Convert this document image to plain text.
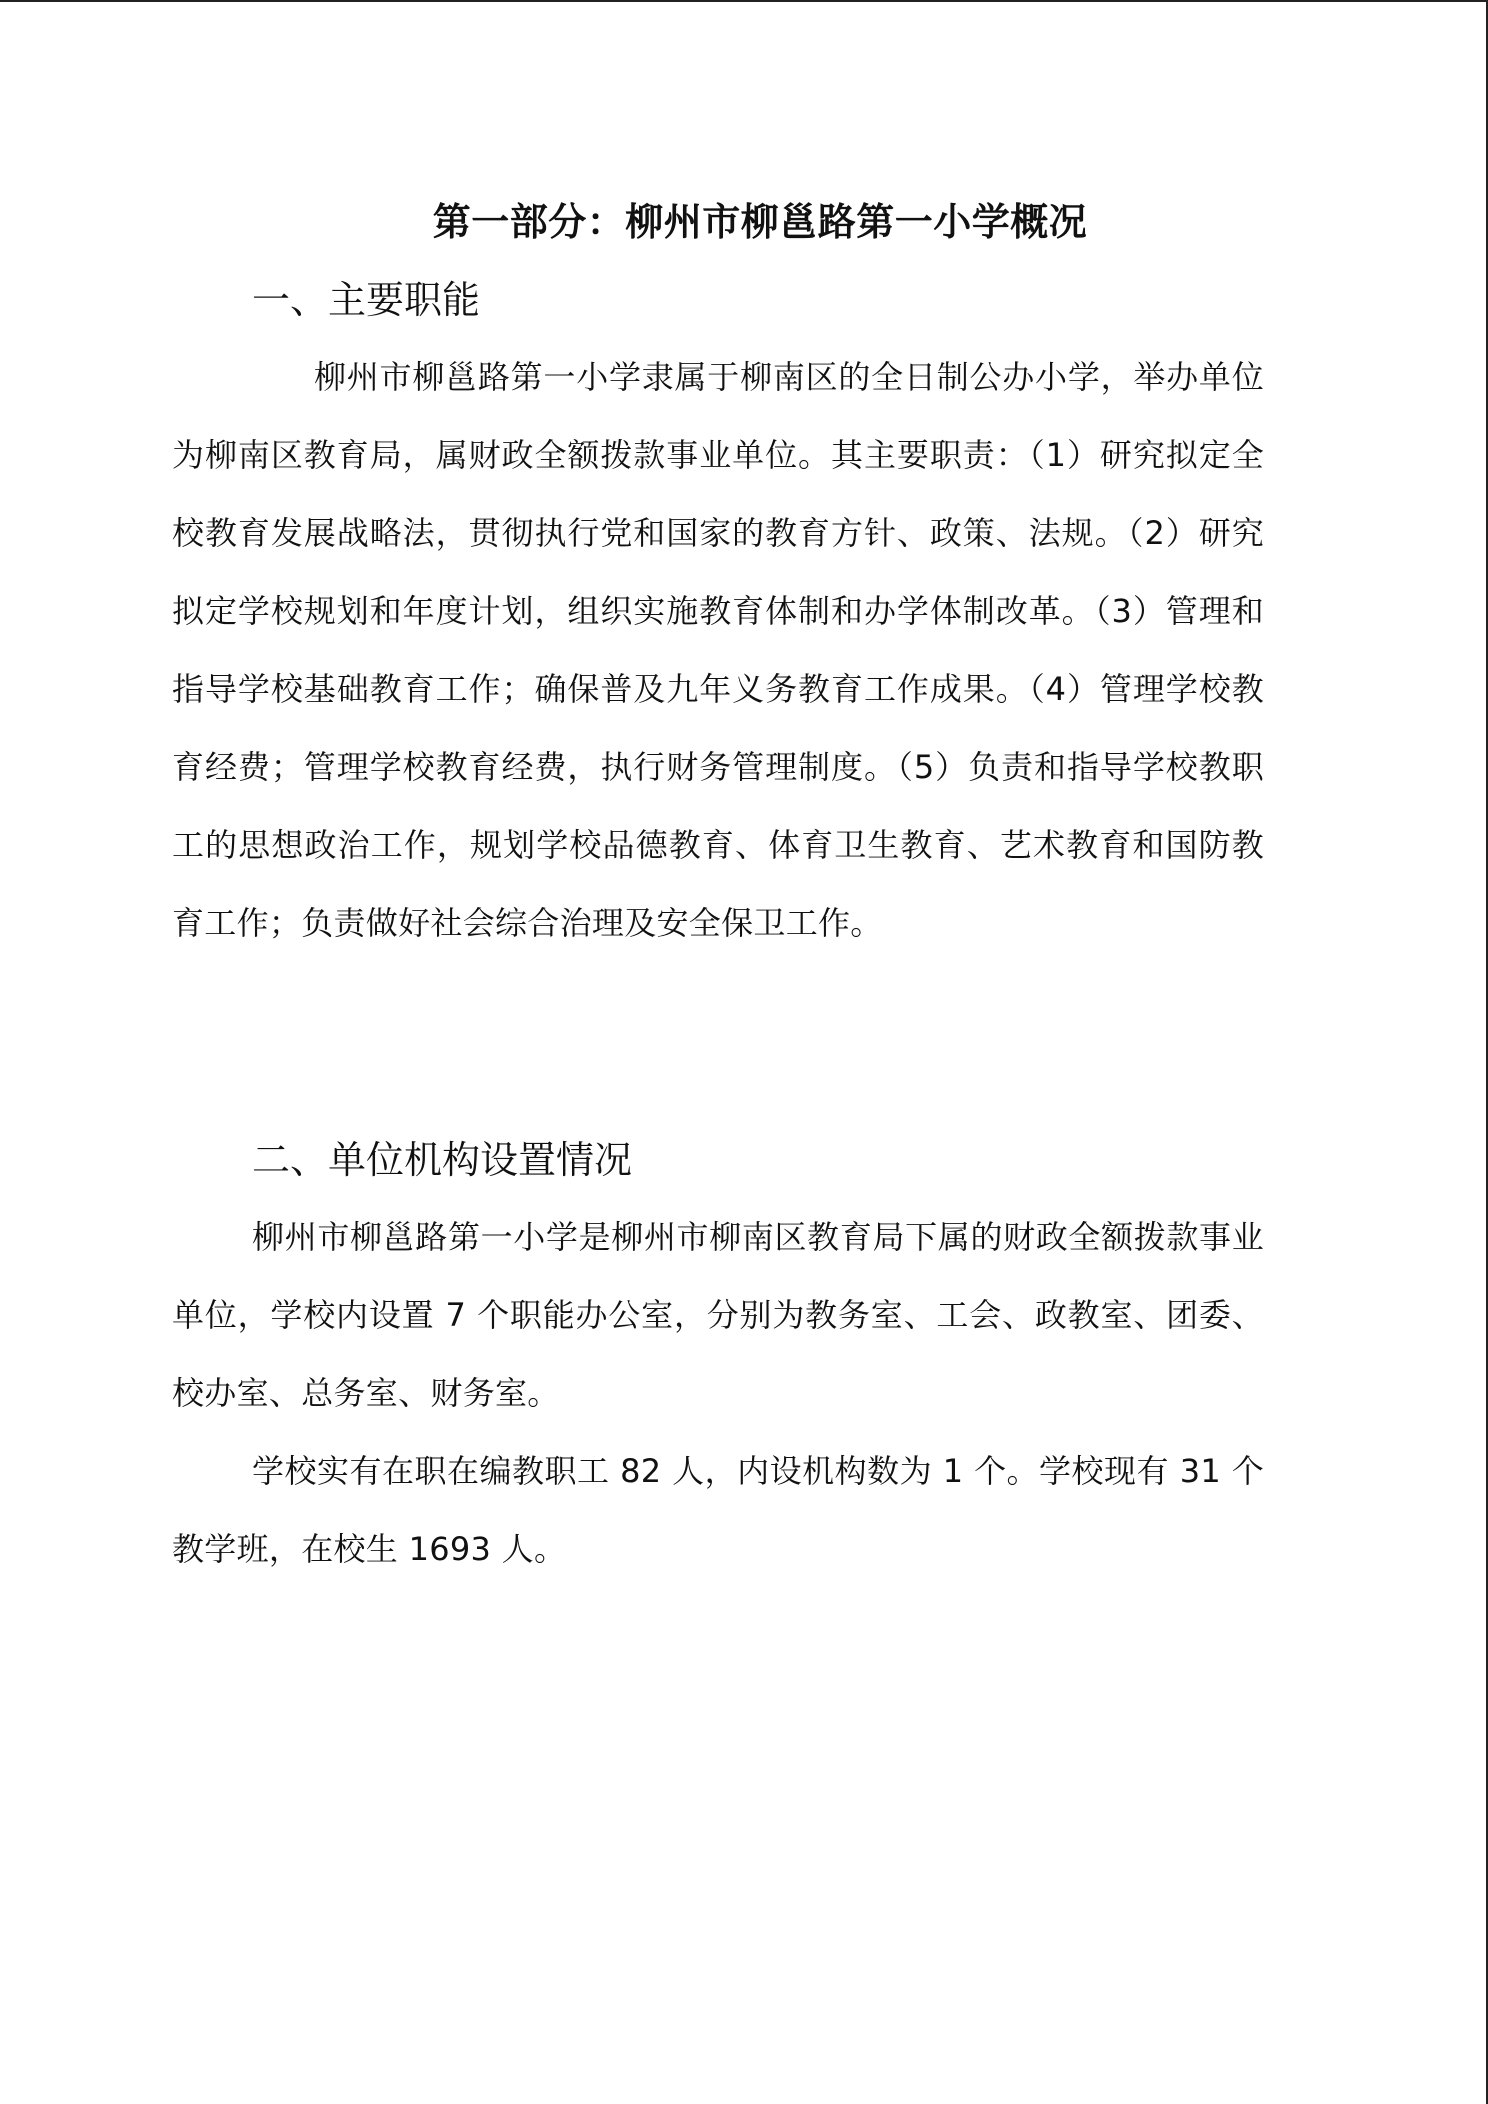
第一部分：柳州市柳邕路第一小学概况
一、主要职能
柳州市柳邕路第一小学隶属于柳南区的全日制公办小学，举办单位为柳南区教育局，属财政全额拨款事业单位。其主要职责：（1）研究拟定全校教育发展战略法，贯彻执行党和国家的教育方针、政策、法规。（2）研究拟定学校规划和年度计划，组织实施教育体制和办学体制改革。（3）管理和指导学校基础教育工作；确保普及九年义务教育工作成果。（4）管理学校教育经费；管理学校教育经费，执行财务管理制度。（5）负责和指导学校教职工的思想政治工作，规划学校品德教育、体育卫生教育、艺术教育和国防教育工作；负责做好社会综合治理及安全保卫工作。
二、单位机构设置情况
柳州市柳邕路第一小学是柳州市柳南区教育局下属的财政全额拨款事业单位，学校内设置 7 个职能办公室，分别为教务室、工会、政教室、团委、校办室、总务室、财务室。
学校实有在职在编教职工 82 人，内设机构数为 1 个。学校现有 31 个教学班，在校生 1693 人。
